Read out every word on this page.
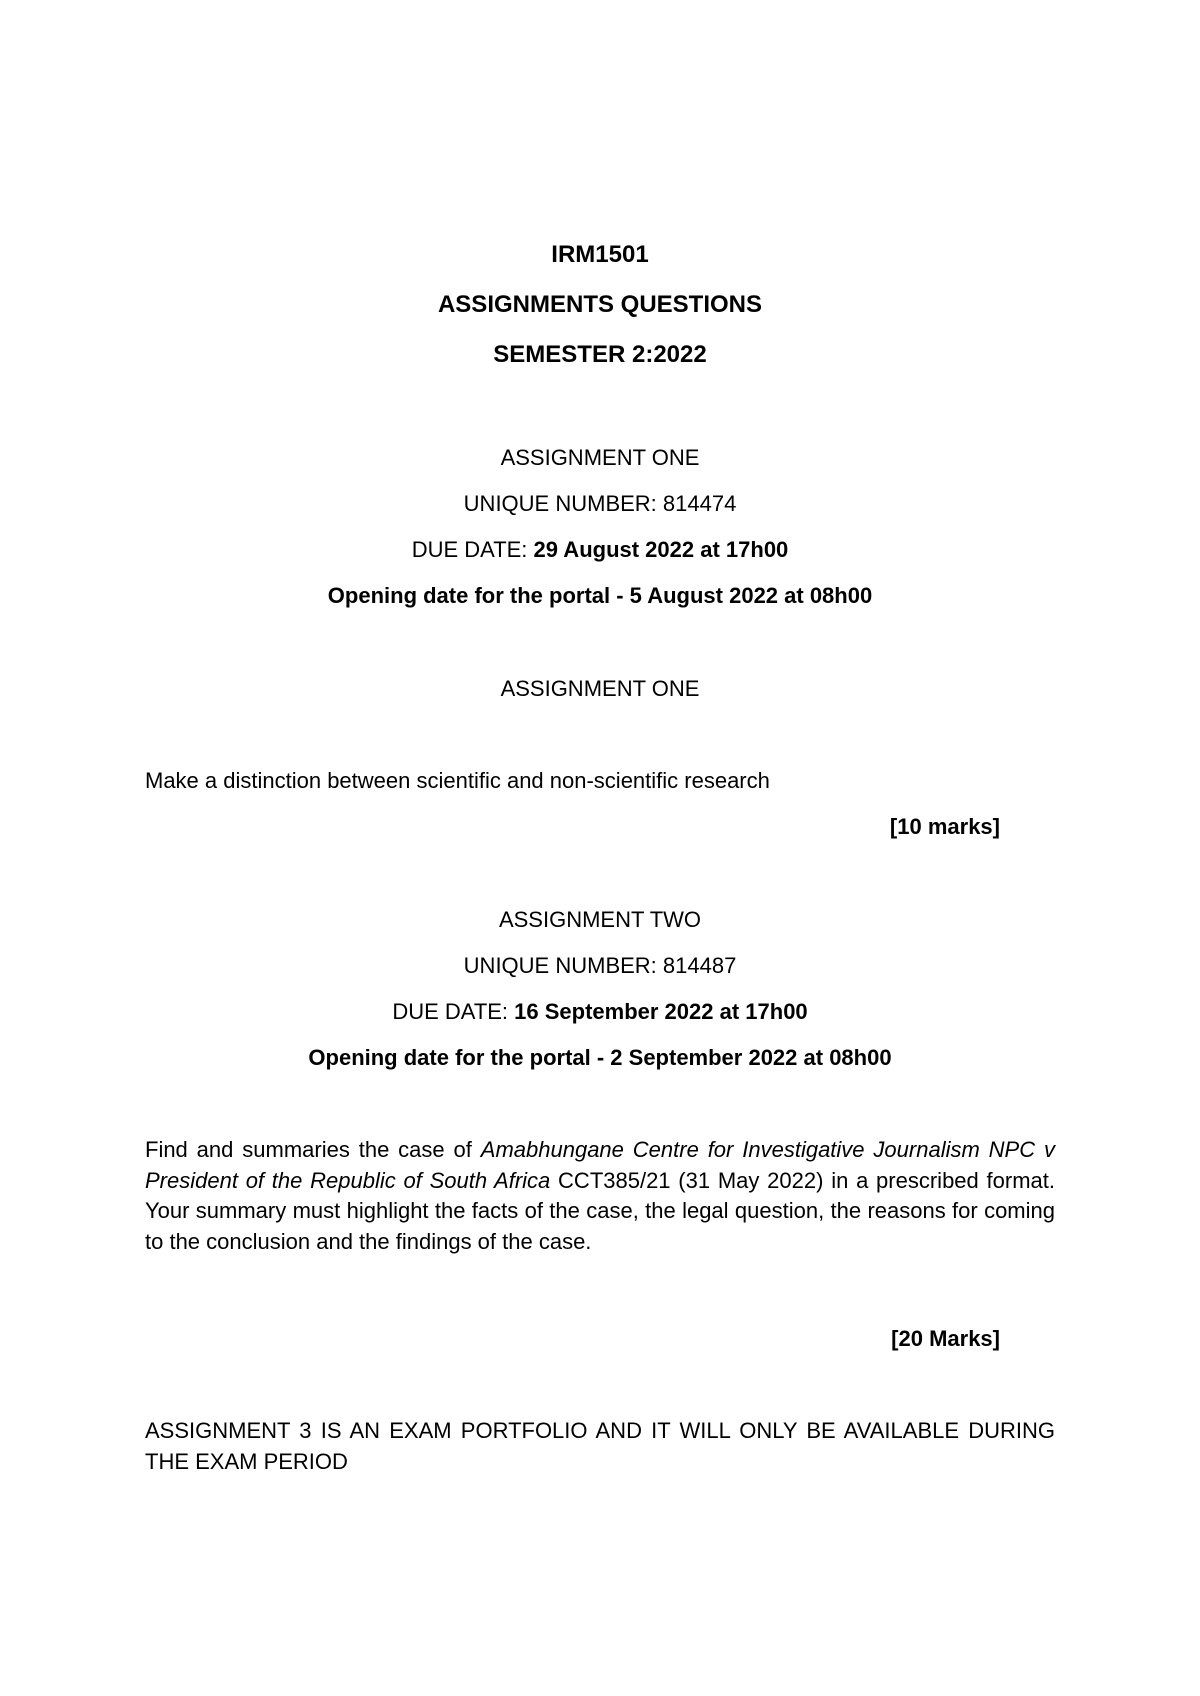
IRM1501
ASSIGNMENTS QUESTIONS
SEMESTER 2:2022
ASSIGNMENT ONE
UNIQUE NUMBER: 814474
DUE DATE: 29 August 2022 at 17h00
Opening date for the portal - 5 August 2022 at 08h00
ASSIGNMENT ONE
Make a distinction between scientific and non-scientific research
[10 marks]
ASSIGNMENT TWO
UNIQUE NUMBER: 814487
DUE DATE: 16 September 2022 at 17h00
Opening date for the portal - 2 September 2022 at 08h00
Find and summaries the case of Amabhungane Centre for Investigative Journalism NPC v President of the Republic of South Africa CCT385/21 (31 May 2022) in a prescribed format. Your summary must highlight the facts of the case, the legal question, the reasons for coming to the conclusion and the findings of the case.
[20 Marks]
ASSIGNMENT 3 IS AN EXAM PORTFOLIO AND IT WILL ONLY BE AVAILABLE DURING THE EXAM PERIOD
